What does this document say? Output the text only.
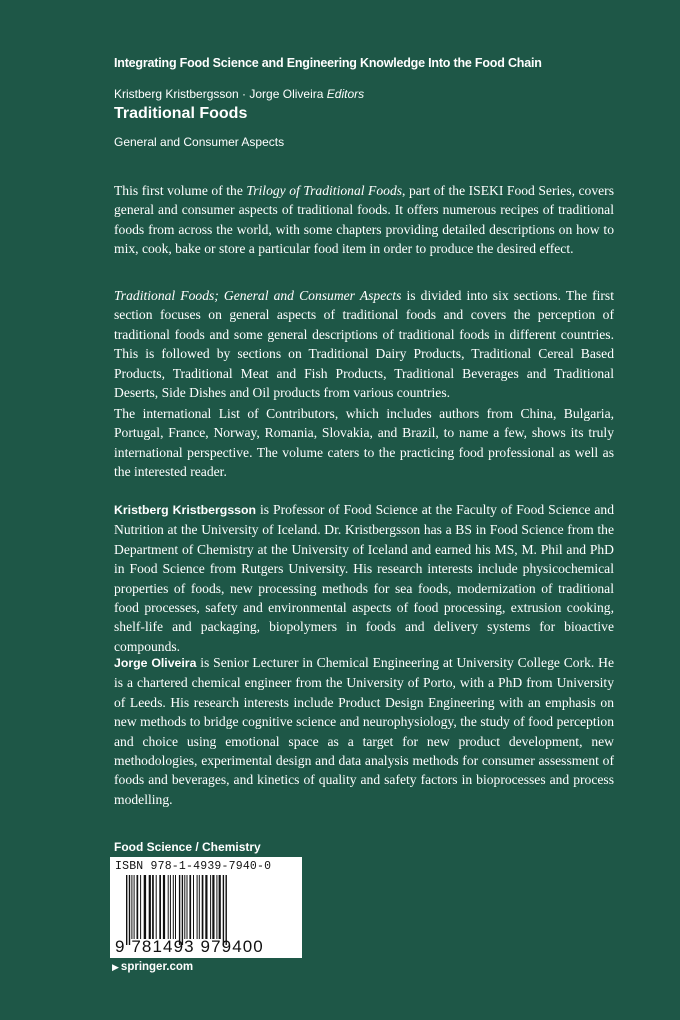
Integrating Food Science and Engineering Knowledge Into the Food Chain
Kristberg Kristbergsson · Jorge Oliveira Editors
Traditional Foods
General and Consumer Aspects

This first volume of the Trilogy of Traditional Foods, part of the ISEKI Food Series, covers general and consumer aspects of traditional foods. It offers numerous recipes of traditional foods from across the world, with some chapters providing detailed descriptions on how to mix, cook, bake or store a particular food item in order to produce the desired effect.

Traditional Foods; General and Consumer Aspects is divided into six sections. The first section focuses on general aspects of traditional foods and covers the perception of traditional foods and some general descriptions of traditional foods in different countries. This is followed by sections on Traditional Dairy Products, Traditional Cereal Based Products, Traditional Meat and Fish Products, Traditional Beverages and Traditional Deserts, Side Dishes and Oil products from various countries.

The international List of Contributors, which includes authors from China, Bulgaria, Portugal, France, Norway, Romania, Slovakia, and Brazil, to name a few, shows its truly international perspective. The volume caters to the practicing food professional as well as the interested reader.

Kristberg Kristbergsson is Professor of Food Science at the Faculty of Food Science and Nutrition at the University of Iceland. Dr. Kristbergsson has a BS in Food Science from the Department of Chemistry at the University of Iceland and earned his MS, M. Phil and PhD in Food Science from Rutgers University. His research interests include physicochemical properties of foods, new processing methods for sea foods, modernization of traditional food processes, safety and environmental aspects of food processing, extrusion cooking, shelf-life and packaging, biopolymers in foods and delivery systems for bioactive compounds.

Jorge Oliveira is Senior Lecturer in Chemical Engineering at University College Cork. He is a chartered chemical engineer from the University of Porto, with a PhD from University of Leeds. His research interests include Product Design Engineering with an emphasis on new methods to bridge cognitive science and neurophysiology, the study of food perception and choice using emotional space as a target for new product development, new methodologies, experimental design and data analysis methods for consumer assessment of foods and beverages, and kinetics of quality and safety factors in bioprocesses and process modelling.

Food Science / Chemistry
ISBN 978-1-4939-7940-0
9 781493 979400
▶ springer.com
